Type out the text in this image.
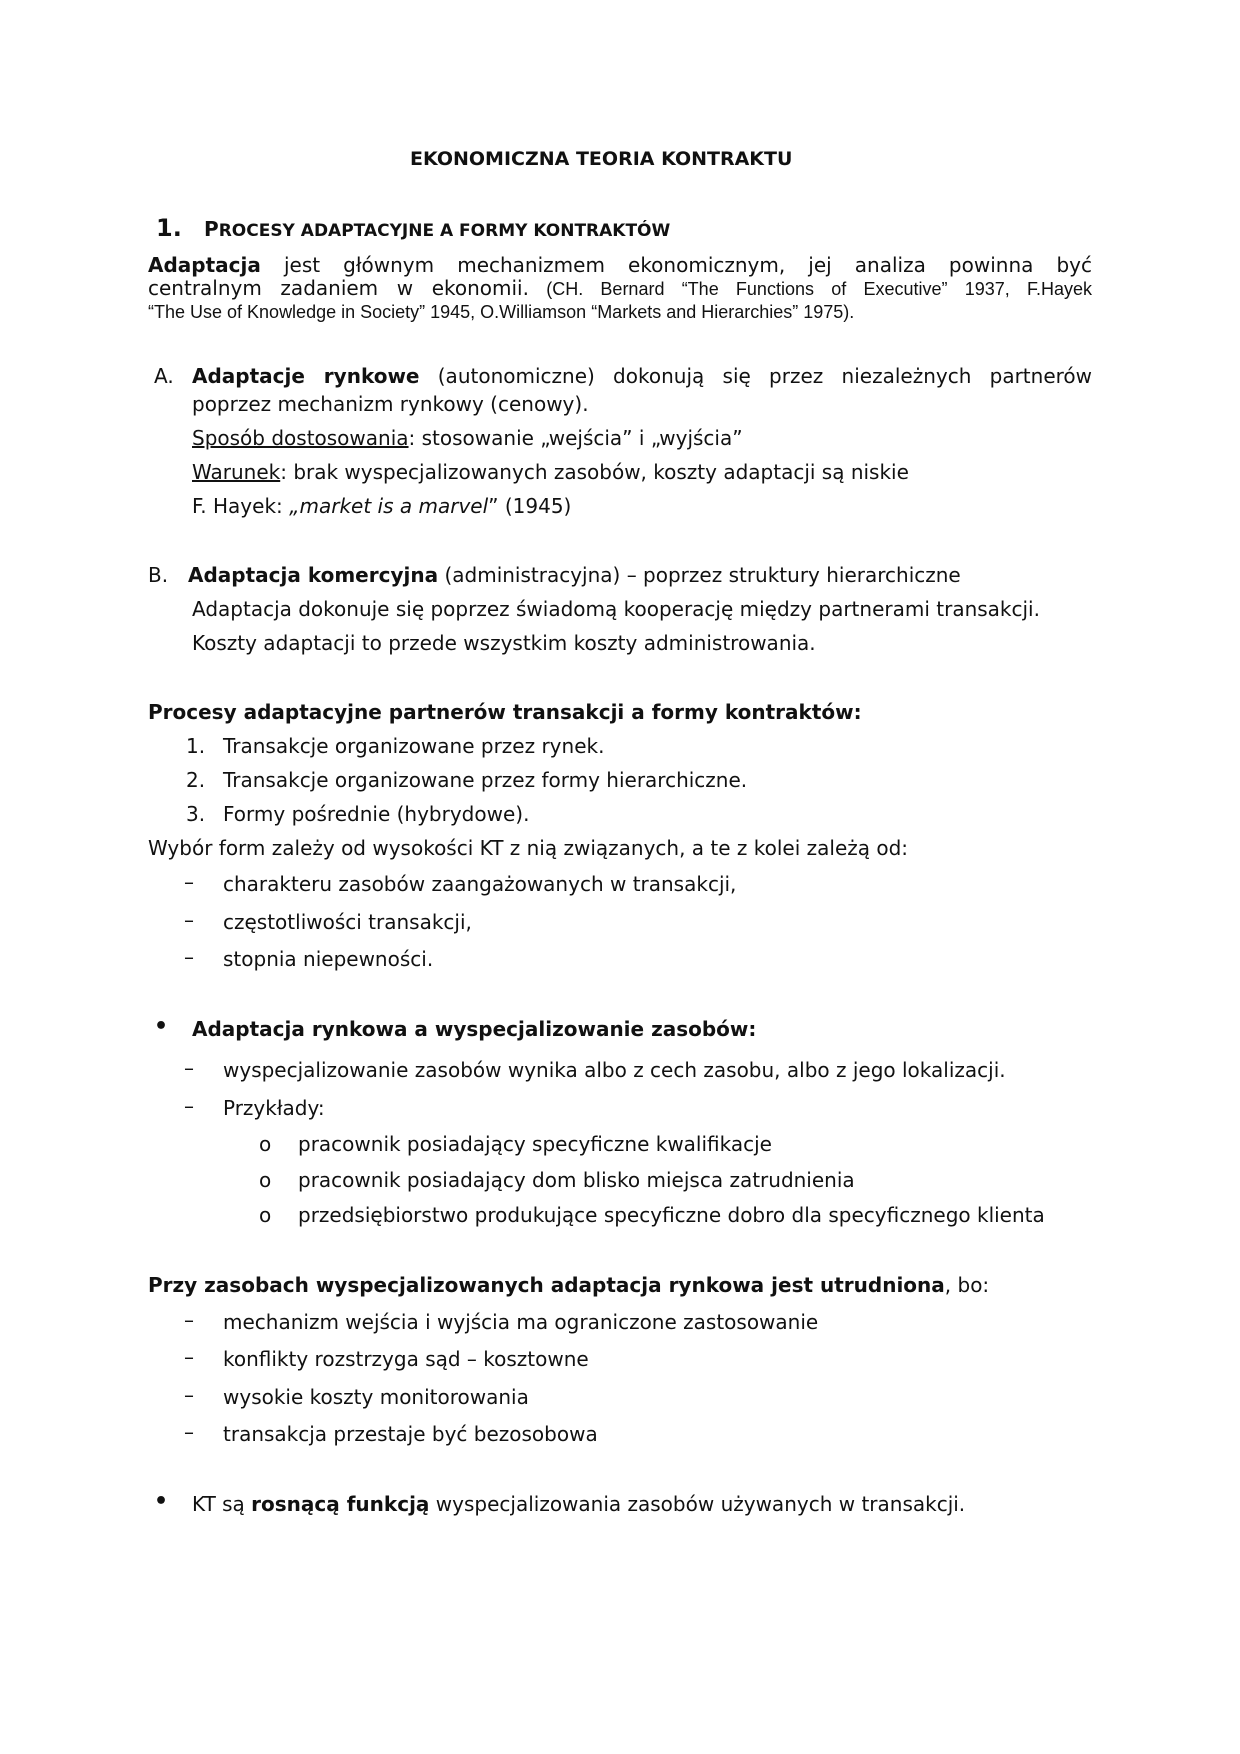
EKONOMICZNA TEORIA KONTRAKTU
1. PROCESY ADAPTACYJNE A FORMY KONTRAKTÓW
Adaptacja jest głównym mechanizmem ekonomicznym, jej analiza powinna być
centralnym zadaniem w ekonomii. (CH. Bernard “The Functions of Executive” 1937, F.Hayek
“The Use of Knowledge in Society” 1945, O.Williamson “Markets and Hierarchies” 1975).
A. Adaptacje rynkowe (autonomiczne) dokonują się przez niezależnych partnerów
poprzez mechanizm rynkowy (cenowy).
Sposób dostosowania: stosowanie „wejścia” i „wyjścia”
Warunek: brak wyspecjalizowanych zasobów, koszty adaptacji są niskie
F. Hayek: „market is a marvel” (1945)
B. Adaptacja komercyjna (administracyjna) – poprzez struktury hierarchiczne
Adaptacja dokonuje się poprzez świadomą kooperację między partnerami transakcji.
Koszty adaptacji to przede wszystkim koszty administrowania.
Procesy adaptacyjne partnerów transakcji a formy kontraktów:
1. Transakcje organizowane przez rynek.
2. Transakcje organizowane przez formy hierarchiczne.
3. Formy pośrednie (hybrydowe).
Wybór form zależy od wysokości KT z nią związanych, a te z kolei zależą od:
– charakteru zasobów zaangażowanych w transakcji,
– częstotliwości transakcji,
– stopnia niepewności.
• Adaptacja rynkowa a wyspecjalizowanie zasobów:
– wyspecjalizowanie zasobów wynika albo z cech zasobu, albo z jego lokalizacji.
– Przykłady:
o pracownik posiadający specyficzne kwalifikacje
o pracownik posiadający dom blisko miejsca zatrudnienia
o przedsiębiorstwo produkujące specyficzne dobro dla specyficznego klienta
Przy zasobach wyspecjalizowanych adaptacja rynkowa jest utrudniona, bo:
– mechanizm wejścia i wyjścia ma ograniczone zastosowanie
– konflikty rozstrzyga sąd – kosztowne
– wysokie koszty monitorowania
– transakcja przestaje być bezosobowa
• KT są rosnącą funkcją wyspecjalizowania zasobów używanych w transakcji.
